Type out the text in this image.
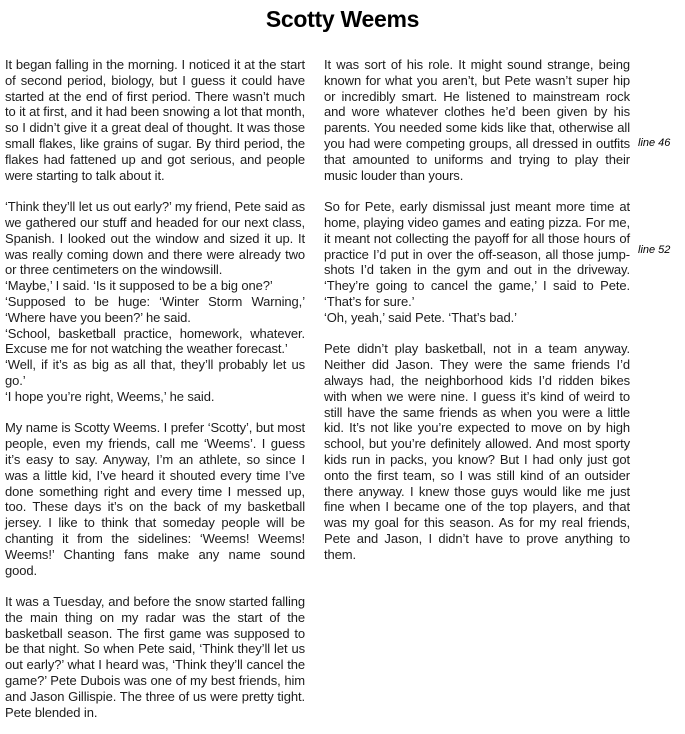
Scotty Weems

It began falling in the morning. I noticed it at the start of second period, biology, but I guess it could have started at the end of first period. There wasn’t much to it at first, and it had been snowing a lot that month, so I didn’t give it a great deal of thought. It was those small flakes, like grains of sugar. By third period, the flakes had fattened up and got serious, and people were starting to talk about it.

‘Think they’ll let us out early?’ my friend, Pete said as we gathered our stuff and headed for our next class, Spanish. I looked out the window and sized it up. It was really coming down and there were already two or three centimeters on the windowsill.
‘Maybe,’ I said. ‘Is it supposed to be a big one?’
‘Supposed to be huge: ‘Winter Storm Warning,’ ‘Where have you been?’ he said.
‘School, basketball practice, homework, whatever. Excuse me for not watching the weather forecast.’
‘Well, if it’s as big as all that, they’ll probably let us go.’
‘I hope you’re right, Weems,’ he said.

My name is Scotty Weems. I prefer ‘Scotty’, but most people, even my friends, call me ‘Weems’. I guess it’s easy to say. Anyway, I’m an athlete, so since I was a little kid, I’ve heard it shouted every time I’ve done something right and every time I messed up, too. These days it’s on the back of my basketball jersey. I like to think that someday people will be chanting it from the sidelines: ‘Weems! Weems! Weems!’ Chanting fans make any name sound good.

It was a Tuesday, and before the snow started falling the main thing on my radar was the start of the basketball season. The first game was supposed to be that night. So when Pete said, ‘Think they’ll let us out early?’ what I heard was, ‘Think they’ll cancel the game?’ Pete Dubois was one of my best friends, him and Jason Gillispie. The three of us were pretty tight. Pete blended in.

It was sort of his role. It might sound strange, being known for what you aren’t, but Pete wasn’t super hip or incredibly smart. He listened to mainstream rock and wore whatever clothes he’d been given by his parents. You needed some kids like that, otherwise all you had were competing groups, all dressed in outfits that amounted to uniforms and trying to play their music louder than yours.

So for Pete, early dismissal just meant more time at home, playing video games and eating pizza. For me, it meant not collecting the payoff for all those hours of practice I’d put in over the off-season, all those jump-shots I’d taken in the gym and out in the driveway. ‘They’re going to cancel the game,’ I said to Pete. ‘That’s for sure.’
‘Oh, yeah,’ said Pete. ‘That’s bad.’

Pete didn’t play basketball, not in a team anyway. Neither did Jason. They were the same friends I’d always had, the neighborhood kids I’d ridden bikes with when we were nine. I guess it’s kind of weird to still have the same friends as when you were a little kid. It’s not like you’re expected to move on by high school, but you’re definitely allowed. And most sporty kids run in packs, you know? But I had only just got onto the first team, so I was still kind of an outsider there anyway. I knew those guys would like me just fine when I became one of the top players, and that was my goal for this season. As for my real friends, Pete and Jason, I didn’t have to prove anything to them.

line 46
line 52
